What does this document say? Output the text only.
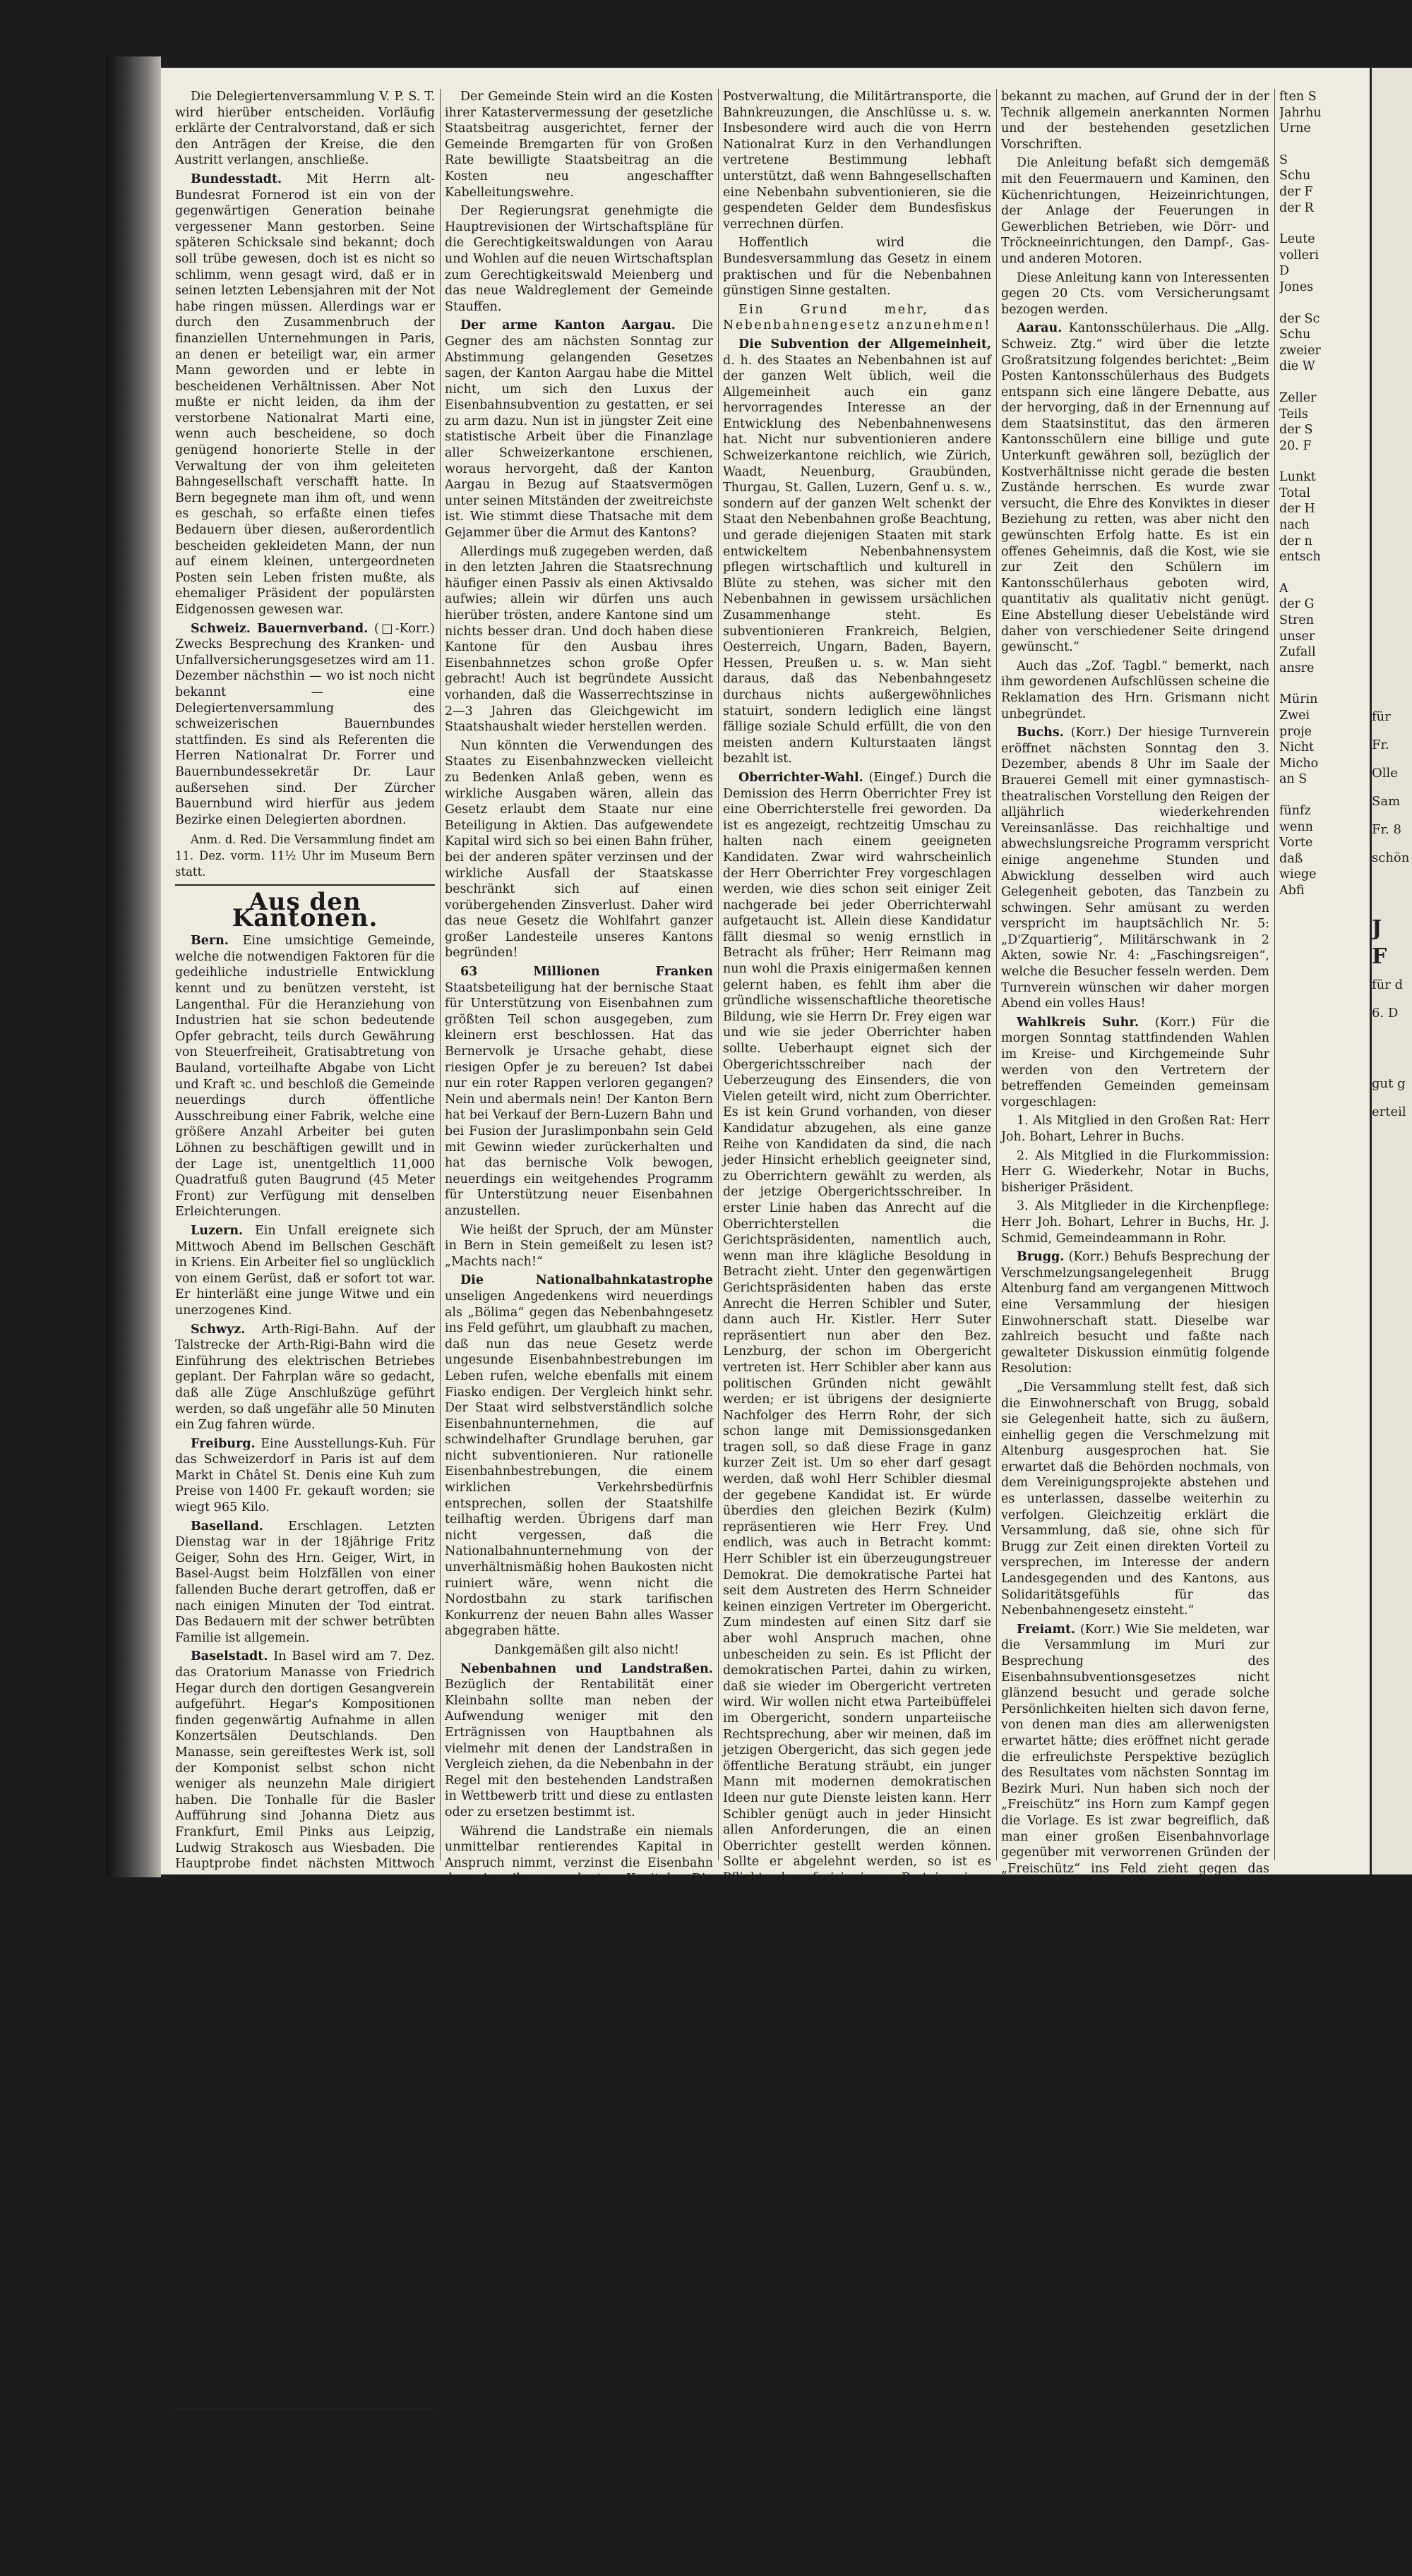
Die Delegiertenversammlung V. P. S. T. wird hierüber entscheiden. Vorläufig erklärte der Centralvorstand, daß er sich den Anträgen der Kreise, die den Austritt verlangen, anschließe.

Bundesstadt. Mit Herrn alt-Bundesrat Fornerod ist ein von der gegenwärtigen Generation beinahe vergessener Mann gestorben. Seine späteren Schicksale sind bekannt; doch soll trübe gewesen, doch ist es nicht so schlimm, wenn gesagt wird, daß er in seinen letzten Lebensjahren mit der Not habe ringen müssen. Allerdings war er durch den Zusammenbruch der finanziellen Unternehmungen in Paris, an denen er beteiligt war, ein armer Mann geworden und er lebte in bescheidenen Verhältnissen. Aber Not mußte er nicht leiden, da ihm der verstorbene Nationalrat Marti eine, wenn auch bescheidene, so doch genügend honorierte Stelle in der Verwaltung der von ihm geleiteten Bahngesellschaft verschafft hatte. In Bern begegnete man ihm oft, und wenn es geschah, so erfaßte einen tiefes Bedauern über diesen, außerordentlich bescheiden gekleideten Mann, der nun auf einem kleinen, untergeordneten Posten sein Leben fristen mußte, als ehemaliger Präsident der populärsten Eidgenossen gewesen war.

Schweiz. Bauernverband. (□-Korr.) Zwecks Besprechung des Kranken- und Unfallversicherungsgesetzes wird am 11. Dezember nächsthin — wo ist noch nicht bekannt — eine Delegiertenversammlung des schweizerischen Bauernbundes stattfinden. Es sind als Referenten die Herren Nationalrat Dr. Forrer und Bauernbundessekretär Dr. Laur außersehen sind. Der Zürcher Bauernbund wird hierfür aus jedem Bezirke einen Delegierten abordnen.

Anm. d. Red. Die Versammlung findet am 11. Dez. vorm. 11½ Uhr im Museum Bern statt.

Aus den Kantonen.

Bern. Eine umsichtige Gemeinde, welche die notwendigen Faktoren für die gedeihliche industrielle Entwicklung kennt und zu benützen versteht, ist Langenthal. Für die Heranziehung von Industrien hat sie schon bedeutende Opfer gebracht, teils durch Gewährung von Steuerfreiheit, Gratisabtretung von Bauland, vorteilhafte Abgabe von Licht und Kraft ꝛc. und beschloß die Gemeinde neuerdings durch öffentliche Ausschreibung einer Fabrik, welche eine größere Anzahl Arbeiter bei guten Löhnen zu beschäftigen gewillt und in der Lage ist, unentgeltlich 11,000 Quadratfuß guten Baugrund (45 Meter Front) zur Verfügung mit denselben Erleichterungen.

Luzern. Ein Unfall ereignete sich Mittwoch Abend im Bellschen Geschäft in Kriens. Ein Arbeiter fiel so unglücklich von einem Gerüst, daß er sofort tot war. Er hinterläßt eine junge Witwe und ein unerzogenes Kind.

Schwyz. Arth-Rigi-Bahn. Auf der Talstrecke der Arth-Rigi-Bahn wird die Einführung des elektrischen Betriebes geplant. Der Fahrplan wäre so gedacht, daß alle Züge Anschlußzüge geführt werden, so daß ungefähr alle 50 Minuten ein Zug fahren würde.

Freiburg. Eine Ausstellungs-Kuh. Für das Schweizerdorf in Paris ist auf dem Markt in Châtel St. Denis eine Kuh zum Preise von 1400 Fr. gekauft worden; sie wiegt 965 Kilo.

Baselland. Erschlagen. Letzten Dienstag war in der 18jährige Fritz Geiger, Sohn des Hrn. Geiger, Wirt, in Basel-Augst beim Holzfällen von einer fallenden Buche derart getroffen, daß er nach einigen Minuten der Tod eintrat. Das Bedauern mit der schwer betrübten Familie ist allgemein.

Baselstadt. In Basel wird am 7. Dez. das Oratorium Manasse von Friedrich Hegar durch den dortigen Gesangverein aufgeführt. Hegar's Kompositionen finden gegenwärtig Aufnahme in allen Konzertsälen Deutschlands. Den Manasse, sein gereiftestes Werk ist, soll der Komponist selbst schon nicht weniger als neunzehn Male dirigiert haben. Die Tonhalle für die Basler Aufführung sind Johanna Dietz aus Frankfurt, Emil Pinks aus Leipzig, Ludwig Strakosch aus Wiesbaden. Die Hauptprobe findet nächsten Mittwoch statt.

Graubünden. In der Gemeinde O. im Graubündner Oberlande lebt ein Lehrer, der daselbst seit 20 Jahren um einen Gehalt von 340—360 Fr. Schule hielt. Als der Schulrat vor zwei Jahren Miene machte, die Schule zu übernehmen, meldete sich ein Jüngling an mit 100 Fr. billiger zu übernehmen; man solle ihn doch anstellen. Der Schulrat erbarmte sich seiner und ließ ihn an seinem früheren Gehalt.

Ein annehmes Bubenstück. Höchst unangenehm überrascht war ein Einwohner und Geschäftsinhaber in Chur als ihm ein großes Plakat des Cirkus Nock zu Gesicht kam, welches einen Ringkampf ankündigte zwischen ihm und dem Meisterschaftsringer Birkeneder! Der Einwohner begab sich darauf sofort zur Cirkusdirektion und stellte sie zur Rede. Ebenfalls blieb ihm nichts übrig, als hier als das Opfer eines Bubenstreiches geworden, konnte sie sich dort vor dem ergangenen Irrtum nicht befreien. Der Schreiber und Postkartenfälscher konnte bisher noch nicht ermittelt werden, doch sind Anhaltspunkte vorhanden, daß es sich um einen ganz verkommenen Nachbar dem das Handwerk gelegt wird. Es stünde ihm ein gemeiner Rachenakt vorzuziehen.

Aargau.
Aus den Verhandlungen des Regierungsrates
vom 1. Dez. 1899.

Der neugewählte Kant. Hochbaumeister, Herr Hugo Albertini von Chur wird von dem Regierungsrat in Pflicht genommen und tritt sofort ein Amt an.

Der Gemeinde Stein wird an die Kosten ihrer Katastervermessung der gesetzliche Staatsbeitrag ausgerichtet, ferner der Gemeinde Bremgarten für von Großen Rate bewilligte Staatsbeitrag an die Kosten neu angeschaffter Kabelleitungswehre.

Der Regierungsrat genehmigte die Hauptrevisionen der Wirtschaftspläne für die Gerechtigkeitswaldungen von Aarau und Wohlen auf die neuen Wirtschaftsplan zum Gerechtigkeitswald Meienberg und das neue Waldreglement der Gemeinde Stauffen.

Der arme Kanton Aargau. Die Gegner des am nächsten Sonntag zur Abstimmung gelangenden Gesetzes sagen, der Kanton Aargau habe die Mittel nicht, um sich den Luxus der Eisenbahnsubvention zu gestatten, er sei zu arm dazu. Nun ist in jüngster Zeit eine statistische Arbeit über die Finanzlage aller Schweizerkantone erschienen, woraus hervorgeht, daß der Kanton Aargau in Bezug auf Staatsvermögen unter seinen Mitständen der zweitreichste ist. Wie stimmt diese Thatsache mit dem Gejammer über die Armut des Kantons?

Allerdings muß zugegeben werden, daß in den letzten Jahren die Staatsrechnung häufiger einen Passiv als einen Aktivsaldo aufwies; allein wir dürfen uns auch hierüber trösten, andere Kantone sind um nichts besser dran. Und doch haben diese Kantone für den Ausbau ihres Eisenbahnnetzes schon große Opfer gebracht! Auch ist begründete Aussicht vorhanden, daß die Wasserrechtszinse in 2—3 Jahren das Gleichgewicht im Staatshaushalt wieder herstellen werden.

Nun könnten die Verwendungen des Staates zu Eisenbahnzwecken vielleicht zu Bedenken Anlaß geben, wenn es wirkliche Ausgaben wären, allein das Gesetz erlaubt dem Staate nur eine Beteiligung in Aktien. Das aufgewendete Kapital wird sich so bei einen Bahn früher, bei der anderen später verzinsen und der wirkliche Ausfall der Staatskasse beschränkt sich auf einen vorübergehenden Zinsverlust. Daher wird das neue Gesetz die Wohlfahrt ganzer großer Landesteile unseres Kantons begründen!

63 Millionen Franken Staatsbeteiligung hat der bernische Staat für Unterstützung von Eisenbahnen zum größten Teil schon ausgegeben, zum kleinern erst beschlossen. Hat das Bernervolk je Ursache gehabt, diese riesigen Opfer je zu bereuen? Ist dabei nur ein roter Rappen verloren gegangen? Nein und abermals nein! Der Kanton Bern hat bei Verkauf der Bern-Luzern Bahn und bei Fusion der Juraslimponbahn sein Geld mit Gewinn wieder zurückerhalten und hat das bernische Volk bewogen, neuerdings ein weitgehendes Programm für Unterstützung neuer Eisenbahnen anzustellen.

Wie heißt der Spruch, der am Münster in Bern in Stein gemeißelt zu lesen ist? „Machts nach!“

Die Nationalbahnkatastrophe unseligen Angedenkens wird neuerdings als „Bölima“ gegen das Nebenbahngesetz ins Feld geführt, um glaubhaft zu machen, daß nun das neue Gesetz werde ungesunde Eisenbahnbestrebungen im Leben rufen, welche ebenfalls mit einem Fiasko endigen. Der Vergleich hinkt sehr. Der Staat wird selbstverständlich solche Eisenbahnunternehmen, die auf schwindelhafter Grundlage beruhen, gar nicht subventionieren. Nur rationelle Eisenbahnbestrebungen, die einem wirklichen Verkehrsbedürfnis entsprechen, sollen der Staatshilfe teilhaftig werden. Übrigens darf man nicht vergessen, daß die Nationalbahnunternehmung von der unverhältnismäßig hohen Baukosten nicht ruiniert wäre, wenn nicht die Nordostbahn zu stark tarifischen Konkurrenz der neuen Bahn alles Wasser abgegraben hätte.

Dankgemäßen gilt also nicht!

Nebenbahnen und Landstraßen. Bezüglich der Rentabilität einer Kleinbahn sollte man neben der Aufwendung weniger mit den Erträgnissen von Hauptbahnen als vielmehr mit denen der Landstraßen in Vergleich ziehen, da die Nebenbahn in der Regel mit den bestehenden Landstraßen in Wettbewerb tritt und diese zu entlasten oder zu ersetzen bestimmt ist.

Während die Landstraße ein niemals unmittelbar rentierendes Kapital in Anspruch nimmt, verzinst die Eisenbahn das in ihr angelegte Kapital. Die Landstraße verzehrt Kapital, Zinsen und Zuschüsse, die Eisenbahn wirft Erträgnisse ab. Die 10,724 Millionen Mark, welche in den deutschen Vollbahnen und die bis 1893 neu angelegt in Schmalspurbahnen angelegten rund 20 Millionen Mark sind in den Jahren 1888/89 bis 1893/94 mit 5,17 bezw. 2,5 Proz. verzinst; der Zinsfuß betrug:

	Vollbahnen	Schmalspurbahnen
	%	%
1888/89	5,40	2,98
1889/90	5,60	2,28
1890/91	4,86	2,60
1891/92	4,49	2,19
1892/93	4,56	2,19
1893/94	5,03	2,50

Auch die Schmalspurbahnen in Deutschland werfen also Rendite ab, im Gegensatz zu der Landstraßen. Warum sollte es bei uns anders sein?

Zum Nebenbahnengesetz. (Eingef.) So eben kommt uns eine Eingabe des Verbandes der schweizerischen Sekundärbahnen an die Bundesversammlung zu Gesicht. Dieselbe ist an die Nebenbahnen gerichtet d. h. Schmalspurbahnen günstiger Bestimmungen d. h. Erleichterungen gegenüber den Vorschriften für die Normalbahnen. Wir finden dieselben wesentlich die Entschädigung durch die

Postverwaltung, die Militärtransporte, die Bahnkreuzungen, die Anschlüsse u. s. w. Insbesondere wird auch die von Herrn Nationalrat Kurz in den Verhandlungen vertretene Bestimmung lebhaft unterstützt, daß wenn Bahngesellschaften eine Nebenbahn subventionieren, sie die gespendeten Gelder dem Bundesfiskus verrechnen dürfen.

Hoffentlich wird die Bundesversammlung das Gesetz in einem praktischen und für die Nebenbahnen günstigen Sinne gestalten.

Ein Grund mehr, das Nebenbahnengesetz anzunehmen!

Die Subvention der Allgemeinheit, d. h. des Staates an Nebenbahnen ist auf der ganzen Welt üblich, weil die Allgemeinheit auch ein ganz hervorragendes Interesse an der Entwicklung des Nebenbahnenwesens hat. Nicht nur subventionieren andere Schweizerkantone reichlich, wie Zürich, Waadt, Neuenburg, Graubünden, Thurgau, St. Gallen, Luzern, Genf u. s. w., sondern auf der ganzen Welt schenkt der Staat den Nebenbahnen große Beachtung, und gerade diejenigen Staaten mit stark entwickeltem Nebenbahnensystem pflegen wirtschaftlich und kulturell in Blüte zu stehen, was sicher mit den Nebenbahnen in gewissem ursächlichen Zusammenhange steht. Es subventionieren Frankreich, Belgien, Oesterreich, Ungarn, Baden, Bayern, Hessen, Preußen u. s. w. Man sieht daraus, daß das Nebenbahngesetz durchaus nichts außergewöhnliches statuirt, sondern lediglich eine längst fällige soziale Schuld erfüllt, die von den meisten andern Kulturstaaten längst bezahlt ist.

Oberrichter-Wahl. (Eingef.) Durch die Demission des Herrn Oberrichter Frey ist eine Oberrichterstelle frei geworden. Da ist es angezeigt, rechtzeitig Umschau zu halten nach einem geeigneten Kandidaten. Zwar wird wahrscheinlich der Herr Oberrichter Frey vorgeschlagen werden, wie dies schon seit einiger Zeit nachgerade bei jeder Oberrichterwahl aufgetaucht ist. Allein diese Kandidatur fällt diesmal so wenig ernstlich in Betracht als früher; Herr Reimann mag nun wohl die Praxis einigermaßen kennen gelernt haben, es fehlt ihm aber die gründliche wissenschaftliche theoretische Bildung, wie sie Herrn Dr. Frey eigen war und wie sie jeder Oberrichter haben sollte. Ueberhaupt eignet sich der Obergerichtsschreiber nach der Ueberzeugung des Einsenders, die von Vielen geteilt wird, nicht zum Oberrichter. Es ist kein Grund vorhanden, von dieser Kandidatur abzugehen, als eine ganze Reihe von Kandidaten da sind, die nach jeder Hinsicht erheblich geeigneter sind, zu Oberrichtern gewählt zu werden, als der jetzige Obergerichtsschreiber. In erster Linie haben das Anrecht auf die Oberrichterstellen die Gerichtspräsidenten, namentlich auch, wenn man ihre klägliche Besoldung in Betracht zieht. Unter den gegenwärtigen Gerichtspräsidenten haben das erste Anrecht die Herren Schibler und Suter, dann auch Hr. Kistler. Herr Suter repräsentiert nun aber den Bez. Lenzburg, der schon im Obergericht vertreten ist. Herr Schibler aber kann aus politischen Gründen nicht gewählt werden; er ist übrigens der designierte Nachfolger des Herrn Rohr, der sich schon lange mit Demissionsgedanken tragen soll, so daß diese Frage in ganz kurzer Zeit ist. Um so eher darf gesagt werden, daß wohl Herr Schibler diesmal der gegebene Kandidat ist. Er würde überdies den gleichen Bezirk (Kulm) repräsentieren wie Herr Frey. Und endlich, was auch in Betracht kommt: Herr Schibler ist ein überzeugungstreuer Demokrat. Die demokratische Partei hat seit dem Austreten des Herrn Schneider keinen einzigen Vertreter im Obergericht. Zum mindesten auf einen Sitz darf sie aber wohl Anspruch machen, ohne unbescheiden zu sein. Es ist Pflicht der demokratischen Partei, dahin zu wirken, daß sie wieder im Obergericht vertreten wird. Wir wollen nicht etwa Parteibüffelei im Obergericht, sondern unparteiische Rechtsprechung, aber wir meinen, daß im jetzigen Obergericht, das sich gegen jede öffentliche Beratung sträubt, ein junger Mann mit modernen demokratischen Ideen nur gute Dienste leisten kann. Herr Schibler genügt auch in jeder Hinsicht allen Anforderungen, die an einen Oberrichter gestellt werden können. Sollte er abgelehnt werden, so ist es Pflicht der freisinnigen Partei, einen andern jüngeren Demokraten zu wählen und nicht zu einer Wahl irgend eines Muckers und Duckers.

Aargauische Viehzucht. Eine Ehre, wie sie bis jetzt noch keinem — Zuchtstier im Kanton Aargau zu Teil geworden, ist dem Hans, Zuchtstier der Viehzuchtgenossenschaft Eigenamt, erwiesen. Das schweiz. Landwirtschaftsdepartement hat diesen prächtigen Stier an seinem Standort im Bad Schinznach durch Herrn Sekretär Weidmann photographieren lassen. „Hans“, welchen die betr. Genossenschaft im Herbst 1897 von Hrn. Großrat Schwarz, Meyer in Scherz erworben hat, darf — sowohl in Bezug auf seinen vorzüglichen Bau als seine ausgezeichnete Zucht- und Vererbungsfähigkeit, sowie seinen sanftmütigen Charakter — gegenwärtig als der beste Repräsentant des Simmenthalertypus im Aargau und einen der besten im ganzen schweizerischen Fleckviehgebiet angesehen werden. Er wird voraussichtlich nächstes Jahr auch in Paris ausgestellt werden.

Eine Anleitung zur Erstellung und Unterhaltung der Feuerungsanlagen,

50 Paragraphen umfassend, ist soeben von der aargauischen Staatswirtschaftsdirektion herausgegeben worden.

Sie hat den Zweck, Behörden, Bauleute ꝛc. mit den auf dem Gebiete der Feuerpolizei gegenwärtig zur Anwendung kommenden Grundsätzen

bekannt zu machen, auf Grund der in der Technik allgemein anerkannten Normen und der bestehenden gesetzlichen Vorschriften.

Die Anleitung befaßt sich demgemäß mit den Feuermauern und Kaminen, den Küchenrichtungen, Heizeinrichtungen, der Anlage der Feuerungen in Gewerblichen Betrieben, wie Dörr- und Tröckneeinrichtungen, den Dampf-, Gas- und anderen Motoren.

Diese Anleitung kann von Interessenten gegen 20 Cts. vom Versicherungsamt bezogen werden.

Aarau. Kantonsschülerhaus. Die „Allg. Schweiz. Ztg.“ wird über die letzte Großratsitzung folgendes berichtet: „Beim Posten Kantonsschülerhaus des Budgets entspann sich eine längere Debatte, aus der hervorging, daß in der Ernennung auf dem Staatsinstitut, das den ärmeren Kantonsschülern eine billige und gute Unterkunft gewähren soll, bezüglich der Kostverhältnisse nicht gerade die besten Zustände herrschen. Es wurde zwar versucht, die Ehre des Konviktes in dieser Beziehung zu retten, was aber nicht den gewünschten Erfolg hatte. Es ist ein offenes Geheimnis, daß die Kost, wie sie zur Zeit den Schülern im Kantonsschülerhaus geboten wird, quantitativ als qualitativ nicht genügt. Eine Abstellung dieser Uebelstände wird daher von verschiedener Seite dringend gewünscht.“

Auch das „Zof. Tagbl.“ bemerkt, nach ihm gewordenen Aufschlüssen scheine die Reklamation des Hrn. Grismann nicht unbegründet.

Buchs. (Korr.) Der hiesige Turnverein eröffnet nächsten Sonntag den 3. Dezember, abends 8 Uhr im Saale der Brauerei Gemell mit einer gymnastisch-theatralischen Vorstellung den Reigen der alljährlich wiederkehrenden Vereinsanlässe. Das reichhaltige und abwechslungsreiche Programm verspricht einige angenehme Stunden und Abwicklung desselben wird auch Gelegenheit geboten, das Tanzbein zu schwingen. Sehr amüsant zu werden verspricht im hauptsächlich Nr. 5: „D'Zquartierig“, Militärschwank in 2 Akten, sowie Nr. 4: „Faschingsreigen“, welche die Besucher fesseln werden. Dem Turnverein wünschen wir daher morgen Abend ein volles Haus!

Wahlkreis Suhr. (Korr.) Für die morgen Sonntag stattfindenden Wahlen im Kreise- und Kirchgemeinde Suhr werden von den Vertretern der betreffenden Gemeinden gemeinsam vorgeschlagen:

1. Als Mitglied in den Großen Rat: Herr Joh. Bohart, Lehrer in Buchs.

2. Als Mitglied in die Flurkommission: Herr G. Wiederkehr, Notar in Buchs, bisheriger Präsident.

3. Als Mitglieder in die Kirchenpflege: Herr Joh. Bohart, Lehrer in Buchs, Hr. J. Schmid, Gemeindeammann in Rohr.

Brugg. (Korr.) Behufs Besprechung der Verschmelzungsangelegenheit Brugg Altenburg fand am vergangenen Mittwoch eine Versammlung der hiesigen Einwohnerschaft statt. Dieselbe war zahlreich besucht und faßte nach gewalteter Diskussion einmütig folgende Resolution:

„Die Versammlung stellt fest, daß sich die Einwohnerschaft von Brugg, sobald sie Gelegenheit hatte, sich zu äußern, einhellig gegen die Verschmelzung mit Altenburg ausgesprochen hat. Sie erwartet daß die Behörden nochmals, von dem Vereinigungsprojekte abstehen und es unterlassen, dasselbe weiterhin zu verfolgen. Gleichzeitig erklärt die Versammlung, daß sie, ohne sich für Brugg zur Zeit einen direkten Vorteil zu versprechen, im Interesse der andern Landesgegenden und des Kantons, aus Solidaritätsgefühls für das Nebenbahnengesetz einsteht.“

Freiamt. (Korr.) Wie Sie meldeten, war die Versammlung im Muri zur Besprechung des Eisenbahnsubventionsgesetzes nicht glänzend besucht und gerade solche Persönlichkeiten hielten sich davon ferne, von denen man dies am allerwenigsten erwartet hätte; dies eröffnet nicht gerade die erfreulichste Perspektive bezüglich des Resultates vom nächsten Sonntag im Bezirk Muri. Nun haben sich noch der „Freischütz“ ins Horn zum Kampf gegen die Vorlage. Es ist zwar begreiflich, daß man einer großen Eisenbahnvorlage gegenüber mit verworrenen Gründen der „Freischütz“ ins Feld zieht gegen das Gesetz zu „drohende“ Staatssteuern; „in erster Linie gerate der Staat bei Annahme des Gesetzes in Verschuldung; auch die Gemeinden geben ihrem Ruine entgegen, indem sie verschiedener Subventionen eingehen müßten; es sei auch an die Millionenanleihen der Geldmarkt neuerdings verteuert und schließlich gelange die Regierung dazu, eine ganze Steuer zu verlangen!“

Durch solche Argumente streut man dem Volke Sand in die Augen! Die konsequenten Reinsager werden zu einem großen Teil an dem „Freischütz“-Heerfolge leisten. Sie, für ihre eigenen Landesinteressen bedacht sind, müssen folgende Erwägungen angebracht sein: In erster Linie handelt es sich ja von Seiten des Staates durchaus nicht um eine direkte Geldausgabe, sondern um die Erzeugung einer großen Zinsausfall. Bestreitet die Leistungen der Gemeinden mag man es sehr pessimistisch sein; ebenso will man in keiner Weise erwarten, daß es eintritt. Subventionen wird man nur soviel erhalten, als zu subventionieren als geboten erscheint und die Gemeinden dies eingehen. Als die letzte mit Steuererhöhung — gegenüber der Geldverteuerung und Steuererhöhung — sind einfach lächerlich, um der „Freischütz“ so viel daraus zu machen.

Gerade das Freiamt hat es nötig, Industrie und Handel mehr denn je in die Höhe zu öffnen; wir Freiämter hätte uns hier neuerdings aus allen Kräften darum beizuführen; das Freiamt hätte also allen Grund, das Subventionsgesetz jetzt am 3. Dezember an zu nehmen, ohne jetzt oder später in die Lage zu kommen, von den Segnungen des Gesetzes zu profitieren. Ohne jedes Risiko, ja sogar im eigenen

ften S
Jahrhu
Urne
S
Schu
der F
der R
Leute
volleri
D
Jones
der Sc
Schu
zweier
die W
Zeller
Teils
der S
20. F
Lunkt
Total
der H
nach
der n
entsch
A
der G
Stren
unser
Zufall
ansre
Mürin
Zwei
proje
Nicht
Micho
an S
fünfz
wenn
Vorte
daß
wiege
Abfi
für
Fr.
Olle
Sam
Fr. 8
schön
J
F
für d
6. D
gut g
erteil
